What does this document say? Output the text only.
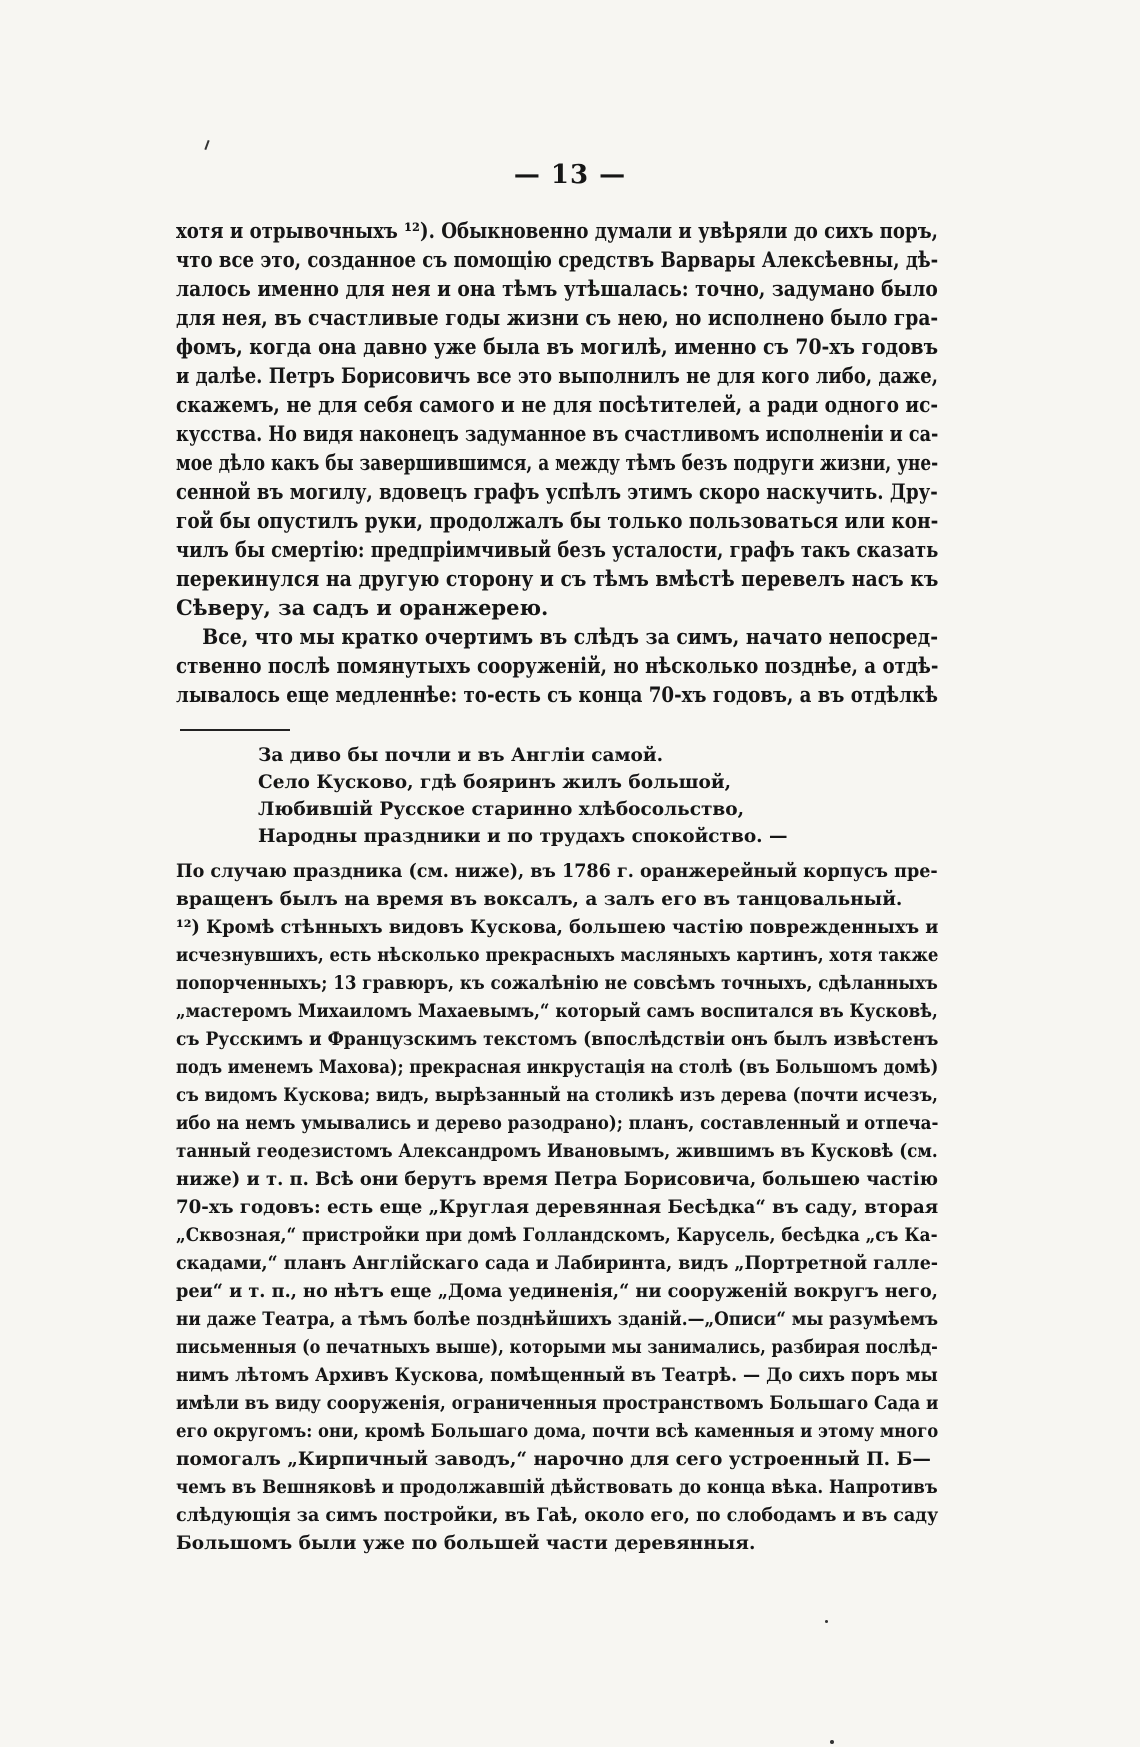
— 13 —
хотя и отрывочныхъ ¹²). Обыкновенно думали и увѣряли до сихъ поръ,
что все это, созданное съ помощію средствъ Варвары Алексѣевны, дѣ-
лалось именно для нея и она тѣмъ утѣшалась: точно, задумано было
для нея, въ счастливые годы жизни съ нею, но исполнено было гра-
фомъ, когда она давно уже была въ могилѣ, именно съ 70-хъ годовъ
и далѣе. Петръ Борисовичъ все это выполнилъ не для кого либо, даже,
скажемъ, не для себя самого и не для посѣтителей, а ради одного ис-
кусства. Но видя наконецъ задуманное въ счастливомъ исполненіи и са-
мое дѣло какъ бы завершившимся, а между тѣмъ безъ подруги жизни, уне-
сенной въ могилу, вдовецъ графъ успѣлъ этимъ скоро наскучить. Дру-
гой бы опустилъ руки, продолжалъ бы только пользоваться или кон-
чилъ бы смертію: предпріимчивый безъ усталости, графъ такъ сказать
перекинулся на другую сторону и съ тѣмъ вмѣстѣ перевелъ насъ къ
Сѣверу, за садъ и оранжерею.
Все, что мы кратко очертимъ въ слѣдъ за симъ, начато непосред-
ственно послѣ помянутыхъ сооруженій, но нѣсколько позднѣе, а отдѣ-
лывалось еще медленнѣе: то-есть съ конца 70-хъ годовъ, а въ отдѣлкѣ
За диво бы почли и въ Англіи самой.
Село Кусково, гдѣ бояринъ жилъ большой,
Любившій Русское старинно хлѣбосольство,
Народны праздники и по трудахъ спокойство. —
По случаю праздника (см. ниже), въ 1786 г. оранжерейный корпусъ пре-
вращенъ былъ на время въ воксалъ, а залъ его въ танцовальный.
¹²) Кромѣ стѣнныхъ видовъ Кускова, большею частію поврежденныхъ и
исчезнувшихъ, есть нѣсколько прекрасныхъ масляныхъ картинъ, хотя также
попорченныхъ; 13 гравюръ, къ сожалѣнію не совсѣмъ точныхъ, сдѣланныхъ
„мастеромъ Михаиломъ Махаевымъ,“ который самъ воспитался въ Кусковѣ,
съ Русскимъ и Французскимъ текстомъ (впослѣдствіи онъ былъ извѣстенъ
подъ именемъ Махова); прекрасная инкрустація на столѣ (въ Большомъ домѣ)
съ видомъ Кускова; видъ, вырѣзанный на столикѣ изъ дерева (почти исчезъ,
ибо на немъ умывались и дерево разодрано); планъ, составленный и отпеча-
танный геодезистомъ Александромъ Ивановымъ, жившимъ въ Кусковѣ (см.
ниже) и т. п. Всѣ они берутъ время Петра Борисовича, большею частію
70-хъ годовъ: есть еще „Круглая деревянная Бесѣдка“ въ саду, вторая
„Сквозная,“ пристройки при домѣ Голландскомъ, Карусель, бесѣдка „съ Ка-
скадами,“ планъ Англійскаго сада и Лабиринта, видъ „Портретной галле-
реи“ и т. п., но нѣтъ еще „Дома уединенія,“ ни сооруженій вокругъ него,
ни даже Театра, а тѣмъ болѣе позднѣйшихъ зданій.—„Описи“ мы разумѣемъ
письменныя (о печатныхъ выше), которыми мы занимались, разбирая послѣд-
нимъ лѣтомъ Архивъ Кускова, помѣщенный въ Театрѣ. — До сихъ поръ мы
имѣли въ виду сооруженія, ограниченныя пространствомъ Большаго Сада и
его округомъ: они, кромѣ Большаго дома, почти всѣ каменныя и этому много
помогалъ „Кирпичный заводъ,“ нарочно для сего устроенный П. Б—
чемъ въ Вешняковѣ и продолжавшій дѣйствовать до конца вѣка. Напротивъ
слѣдующія за симъ постройки, въ Гаѣ, около его, по слободамъ и въ саду
Большомъ были уже по большей части деревянныя.
